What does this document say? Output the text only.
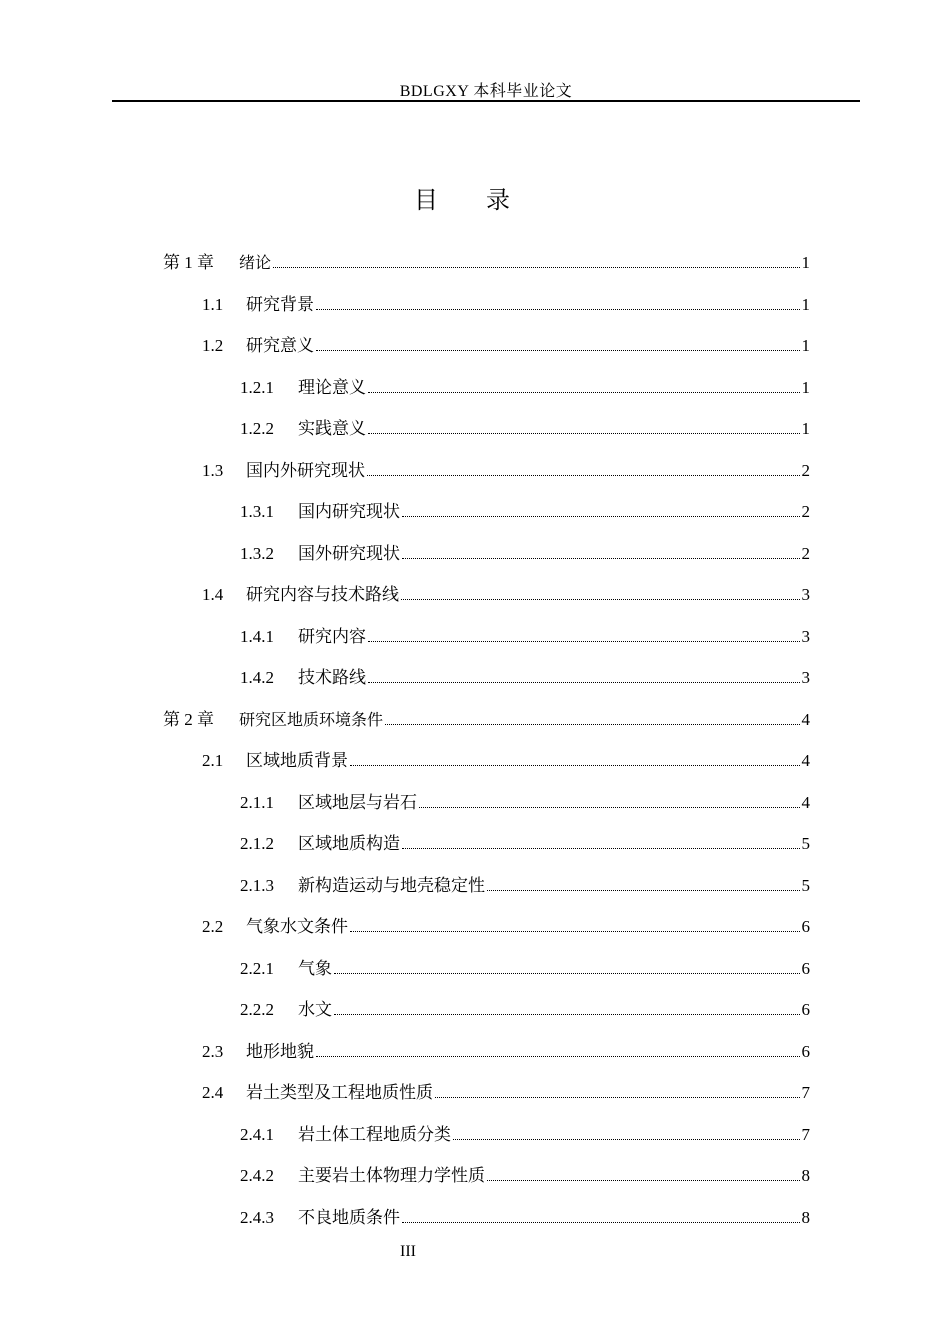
BDLGXY 本科毕业论文
目录
第 1 章	绪论	1
1.1	研究背景	1
1.2	研究意义	1
1.2.1	理论意义	1
1.2.2	实践意义	1
1.3	国内外研究现状	2
1.3.1	国内研究现状	2
1.3.2	国外研究现状	2
1.4	研究内容与技术路线	3
1.4.1	研究内容	3
1.4.2	技术路线	3
第 2 章	研究区地质环境条件	4
2.1	区域地质背景	4
2.1.1	区域地层与岩石	4
2.1.2	区域地质构造	5
2.1.3	新构造运动与地壳稳定性	5
2.2	气象水文条件	6
2.2.1	气象	6
2.2.2	水文	6
2.3	地形地貌	6
2.4	岩土类型及工程地质性质	7
2.4.1	岩土体工程地质分类	7
2.4.2	主要岩土体物理力学性质	8
2.4.3	不良地质条件	8
III
